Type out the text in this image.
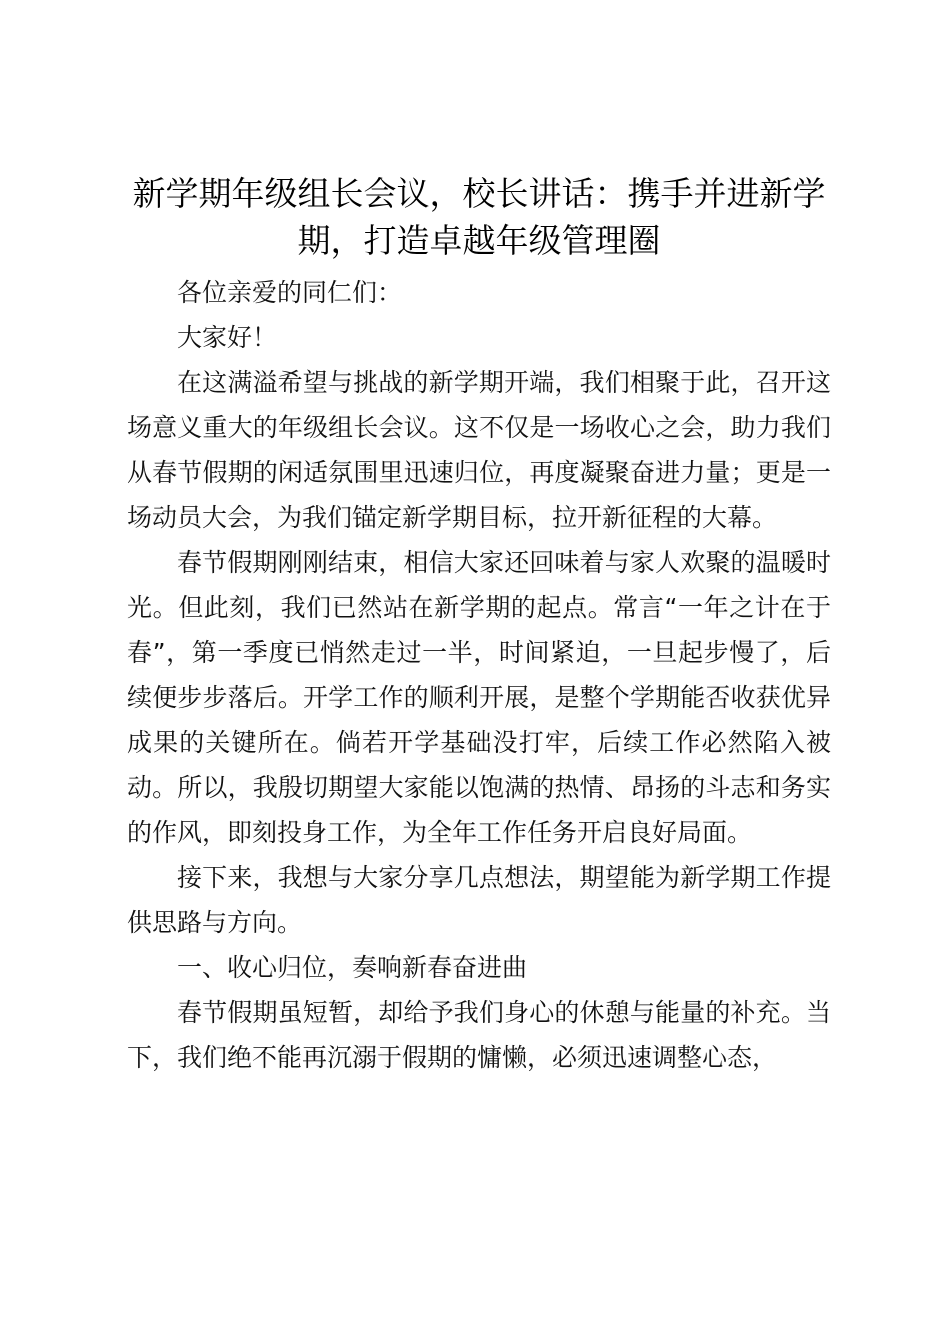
新学期年级组长会议，校长讲话：携手并进新学期，打造卓越年级管理圈

各位亲爱的同仁们：

大家好！

在这满溢希望与挑战的新学期开端，我们相聚于此，召开这场意义重大的年级组长会议。这不仅是一场收心之会，助力我们从春节假期的闲适氛围里迅速归位，再度凝聚奋进力量；更是一场动员大会，为我们锚定新学期目标，拉开新征程的大幕。

春节假期刚刚结束，相信大家还回味着与家人欢聚的温暖时光。但此刻，我们已然站在新学期的起点。常言“一年之计在于春”，第一季度已悄然走过一半，时间紧迫，一旦起步慢了，后续便步步落后。开学工作的顺利开展，是整个学期能否收获优异成果的关键所在。倘若开学基础没打牢，后续工作必然陷入被动。所以，我殷切期望大家能以饱满的热情、昂扬的斗志和务实的作风，即刻投身工作，为全年工作任务开启良好局面。

接下来，我想与大家分享几点想法，期望能为新学期工作提供思路与方向。

一、收心归位，奏响新春奋进曲

春节假期虽短暂，却给予我们身心的休憩与能量的补充。当下，我们绝不能再沉溺于假期的慵懒，必须迅速调整心态，
